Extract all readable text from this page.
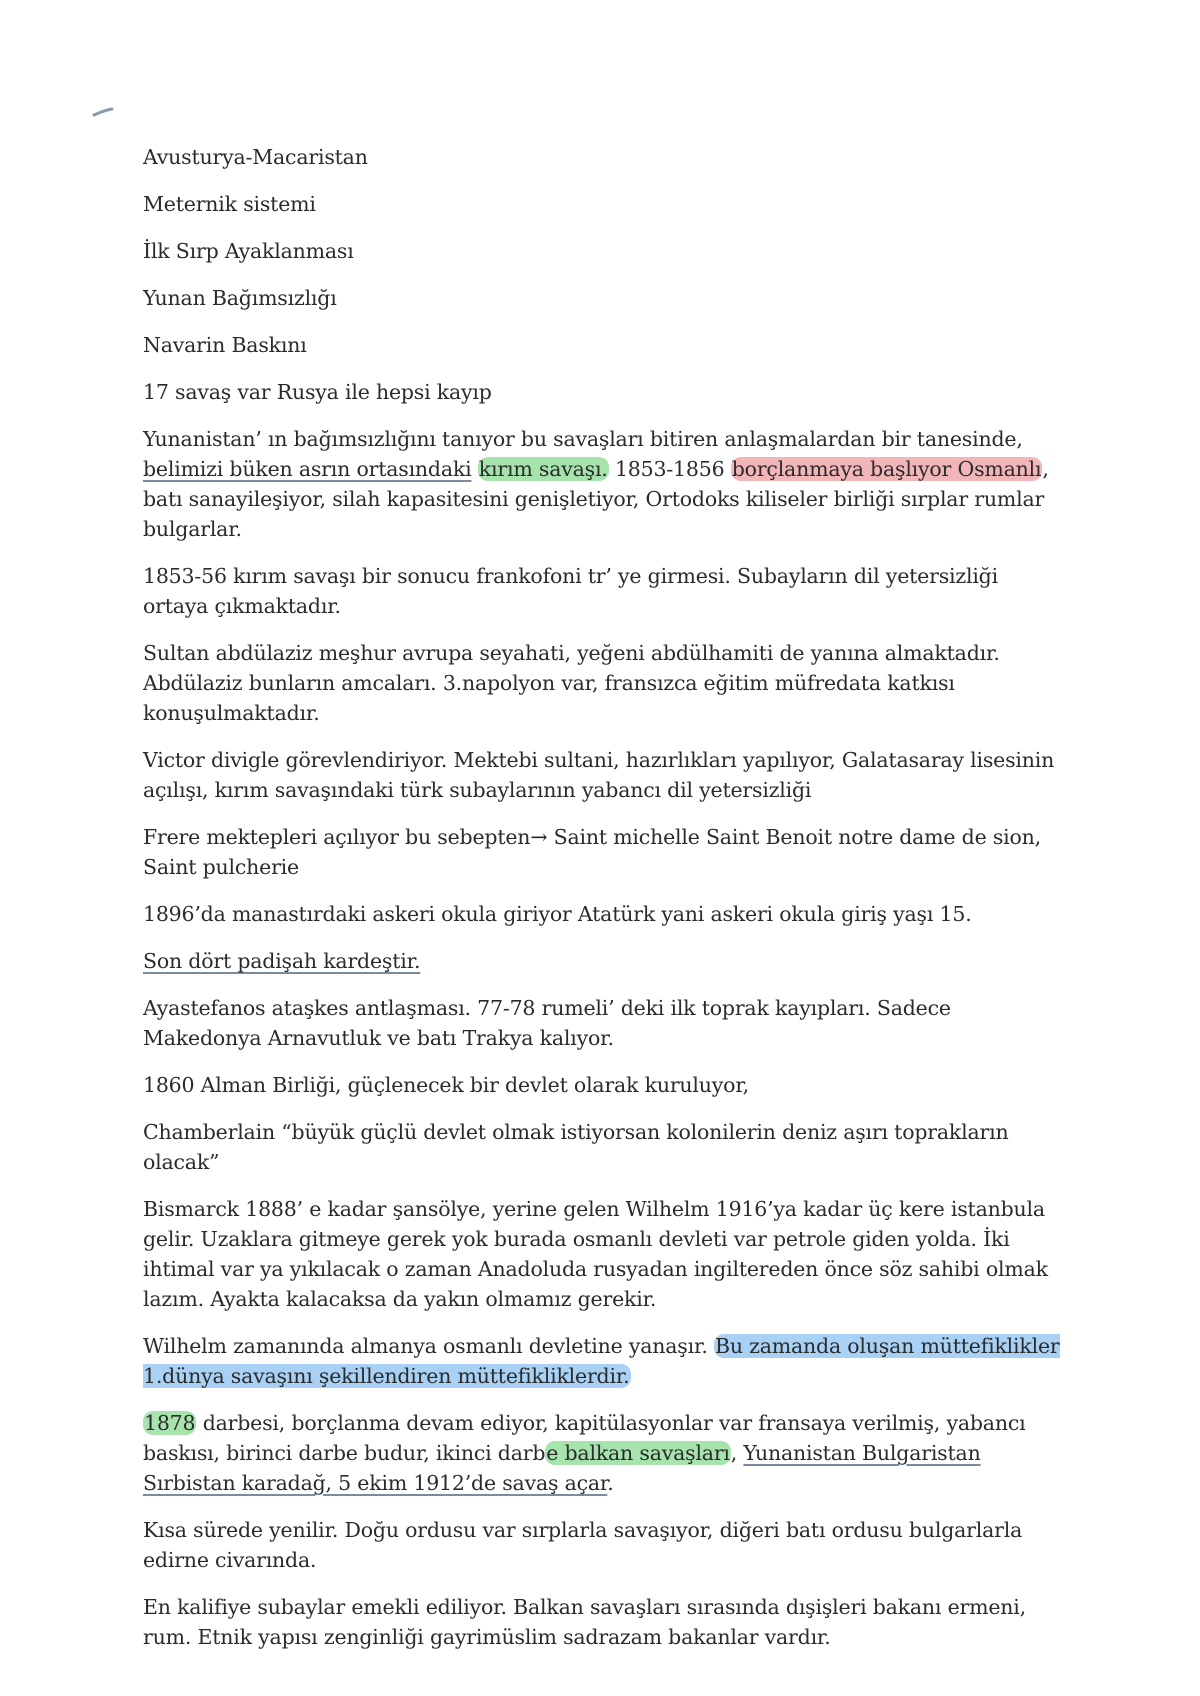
Avusturya-Macaristan

Meternik sistemi

İlk Sırp Ayaklanması

Yunan Bağımsızlığı

Navarin Baskını

17 savaş var Rusya ile hepsi kayıp

Yunanistan’ ın bağımsızlığını tanıyor bu savaşları bitiren anlaşmalardan bir tanesinde, belimizi büken asrın ortasındaki kırım savaşı. 1853-1856 borçlanmaya başlıyor Osmanlı, batı sanayileşiyor, silah kapasitesini genişletiyor, Ortodoks kiliseler birliği sırplar rumlar bulgarlar.

1853-56 kırım savaşı bir sonucu frankofoni tr’ ye girmesi. Subayların dil yetersizliği ortaya çıkmaktadır.

Sultan abdülaziz meşhur avrupa seyahati, yeğeni abdülhamiti de yanına almaktadır. Abdülaziz bunların amcaları. 3.napolyon var, fransızca eğitim müfredata katkısı konuşulmaktadır.

Victor diviglе görevlendiriyor. Mektebi sultani, hazırlıkları yapılıyor, Galatasaray lisesinin açılışı, kırım savaşındaki türk subaylarının yabancı dil yetersizliği

Frere mektepleri açılıyor bu sebepten→ Saint michelle Saint Benoit notre dame de sion, Saint pulcherie

1896’da manastırdaki askeri okula giriyor Atatürk yani askeri okula giriş yaşı 15.

Son dört padişah kardeştir.

Ayastefanos ataşkes antlaşması. 77-78 rumeli’ deki ilk toprak kayıpları. Sadece Makedonya Arnavutluk ve batı Trakya kalıyor.

1860 Alman Birliği, güçlenecek bir devlet olarak kuruluyor,

Chamberlain “büyük güçlü devlet olmak istiyorsan kolonilerin deniz aşırı toprakların olacak”

Bismarck 1888’ e kadar şansölye, yerine gelen Wilhelm 1916’ya kadar üç kere istanbula gelir. Uzaklara gitmeye gerek yok burada osmanlı devleti var petrole giden yolda. İki ihtimal var ya yıkılacak o zaman Anadoluda rusyadan ingiltereden önce söz sahibi olmak lazım. Ayakta kalacaksa da yakın olmamız gerekir.

Wilhelm zamanında almanya osmanlı devletine yanaşır. Bu zamanda oluşan müttefiklikler 1.dünya savaşını şekillendiren müttefikliklerdir.

1878 darbesi, borçlanma devam ediyor, kapitülasyonlar var fransaya verilmiş, yabancı baskısı, birinci darbe budur, ikinci darbe balkan savaşları, Yunanistan Bulgaristan Sırbistan karadağ, 5 ekim 1912’de savaş açar.

Kısa sürede yenilir. Doğu ordusu var sırplarla savaşıyor, diğeri batı ordusu bulgarlarla edirne civarında.

En kalifiye subaylar emekli ediliyor. Balkan savaşları sırasında dışişleri bakanı ermeni, rum. Etnik yapısı zenginliği gayrimüslim sadrazam bakanlar vardır.
